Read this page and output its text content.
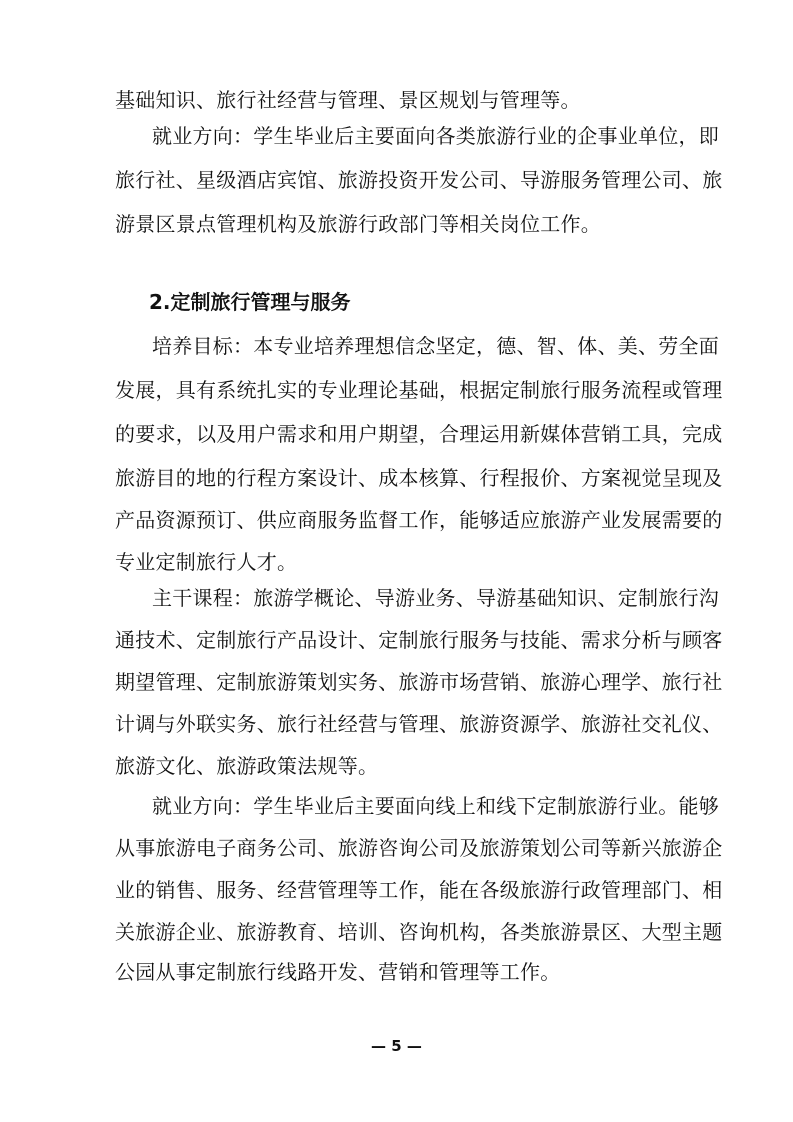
基础知识、旅行社经营与管理、景区规划与管理等。
就业方向：学生毕业后主要面向各类旅游行业的企事业单位，即
旅行社、星级酒店宾馆、旅游投资开发公司、导游服务管理公司、旅
游景区景点管理机构及旅游行政部门等相关岗位工作。
2.定制旅行管理与服务
培养目标：本专业培养理想信念坚定，德、智、体、美、劳全面
发展，具有系统扎实的专业理论基础，根据定制旅行服务流程或管理
的要求，以及用户需求和用户期望，合理运用新媒体营销工具，完成
旅游目的地的行程方案设计、成本核算、行程报价、方案视觉呈现及
产品资源预订、供应商服务监督工作，能够适应旅游产业发展需要的
专业定制旅行人才。
主干课程：旅游学概论、导游业务、导游基础知识、定制旅行沟
通技术、定制旅行产品设计、定制旅行服务与技能、需求分析与顾客
期望管理、定制旅游策划实务、旅游市场营销、旅游心理学、旅行社
计调与外联实务、旅行社经营与管理、旅游资源学、旅游社交礼仪、
旅游文化、旅游政策法规等。
就业方向：学生毕业后主要面向线上和线下定制旅游行业。能够
从事旅游电子商务公司、旅游咨询公司及旅游策划公司等新兴旅游企
业的销售、服务、经营管理等工作，能在各级旅游行政管理部门、相
关旅游企业、旅游教育、培训、咨询机构，各类旅游景区、大型主题
公园从事定制旅行线路开发、营销和管理等工作。
— 5 —
